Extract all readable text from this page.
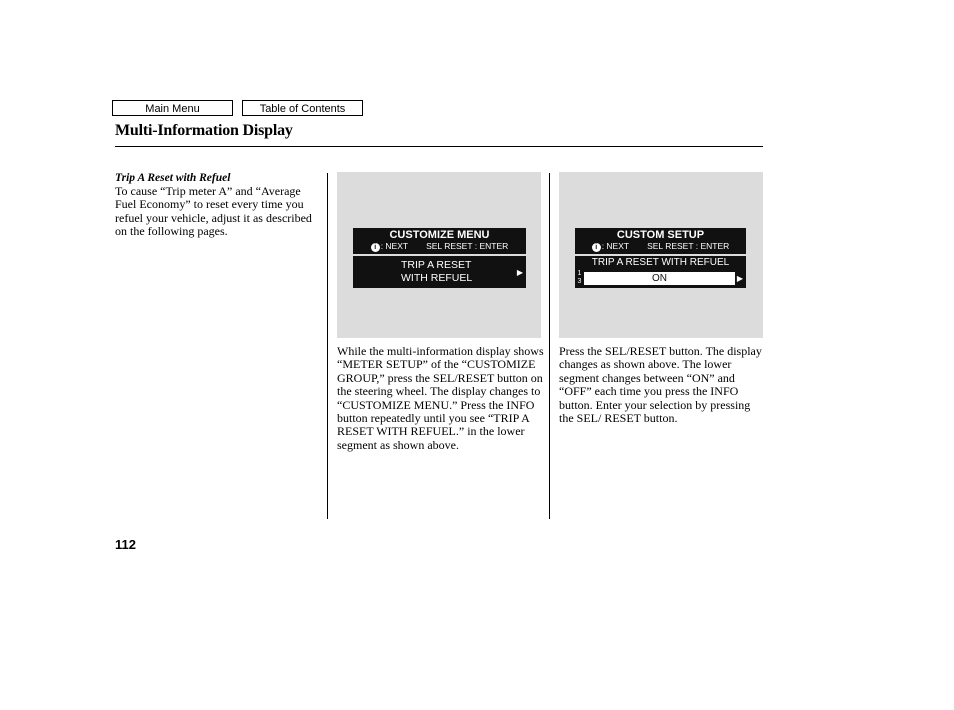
Main Menu	Table of Contents
Multi-Information Display
Trip A Reset with Refuel
To cause “Trip meter A” and “Average Fuel Economy” to reset every time you refuel your vehicle, adjust it as described on the following pages.	CUSTOMIZE MENU
i : NEXT SEL RESET : ENTER
TRIP A RESET
WITH REFUEL	▶
CUSTOM SETUP
i : NEXT SEL RESET : ENTER
TRIP A RESET WITH REFUEL
1
3	ON	▶
While the multi-information display shows “METER SETUP” of the “CUSTOMIZE GROUP,” press the SEL/RESET button on the steering wheel. The display changes to “CUSTOMIZE MENU.” Press the INFO button repeatedly until you see “TRIP A RESET WITH REFUEL.” in the lower segment as shown above.
Press the SEL/RESET button. The display changes as shown above. The lower segment changes between “ON” and “OFF” each time you press the INFO button. Enter your selection by pressing the SEL/ RESET button.
112
